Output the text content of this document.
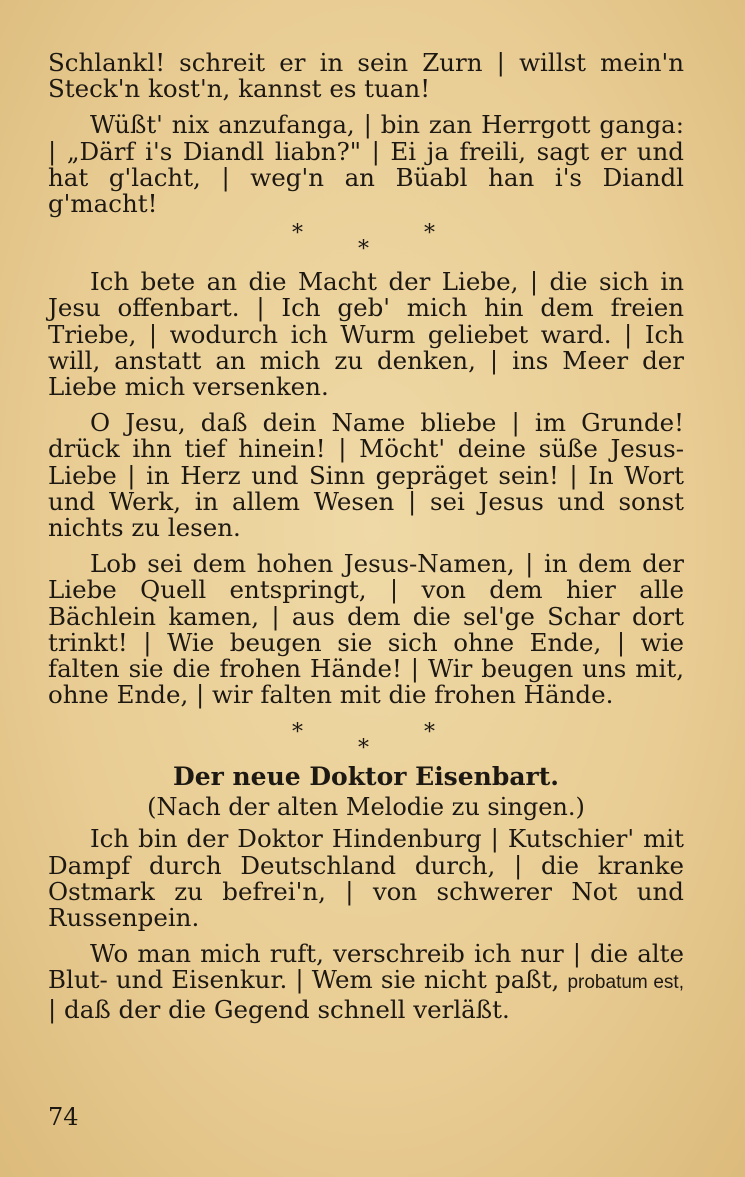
Schlankl! schreit er in sein Zurn | willst mein'n Steck'n kost'n, kannst es tuan!

Wüßt' nix anzufanga, | bin zan Herrgott ganga: | „Därf i's Diandl liabn?" | Ei ja freili, sagt er und hat g'lacht, | weg'n an Büabl han i's Diandl g'macht!

*
*
*

Ich bete an die Macht der Liebe, | die sich in Jesu offenbart. | Ich geb' mich hin dem freien Triebe, | wodurch ich Wurm geliebet ward. | Ich will, anstatt an mich zu denken, | ins Meer der Liebe mich versenken.

O Jesu, daß dein Name bliebe | im Grunde! drück ihn tief hinein! | Möcht' deine süße Jesus-Liebe | in Herz und Sinn gepräget sein! | In Wort und Werk, in allem Wesen | sei Jesus und sonst nichts zu lesen.

Lob sei dem hohen Jesus-Namen, | in dem der Liebe Quell entspringt, | von dem hier alle Bächlein kamen, | aus dem die sel'ge Schar dort trinkt! | Wie beugen sie sich ohne Ende, | wie falten sie die frohen Hände! | Wir beugen uns mit, ohne Ende, | wir falten mit die frohen Hände.

*
*
*

Der neue Doktor Eisenbart.

(Nach der alten Melodie zu singen.)

Ich bin der Doktor Hindenburg | Kutschier' mit Dampf durch Deutschland durch, | die kranke Ostmark zu befrei'n, | von schwerer Not und Russenpein.

Wo man mich ruft, verschreib ich nur | die alte Blut- und Eisenkur. | Wem sie nicht paßt, probatum est, | daß der die Gegend schnell verläßt.

74
